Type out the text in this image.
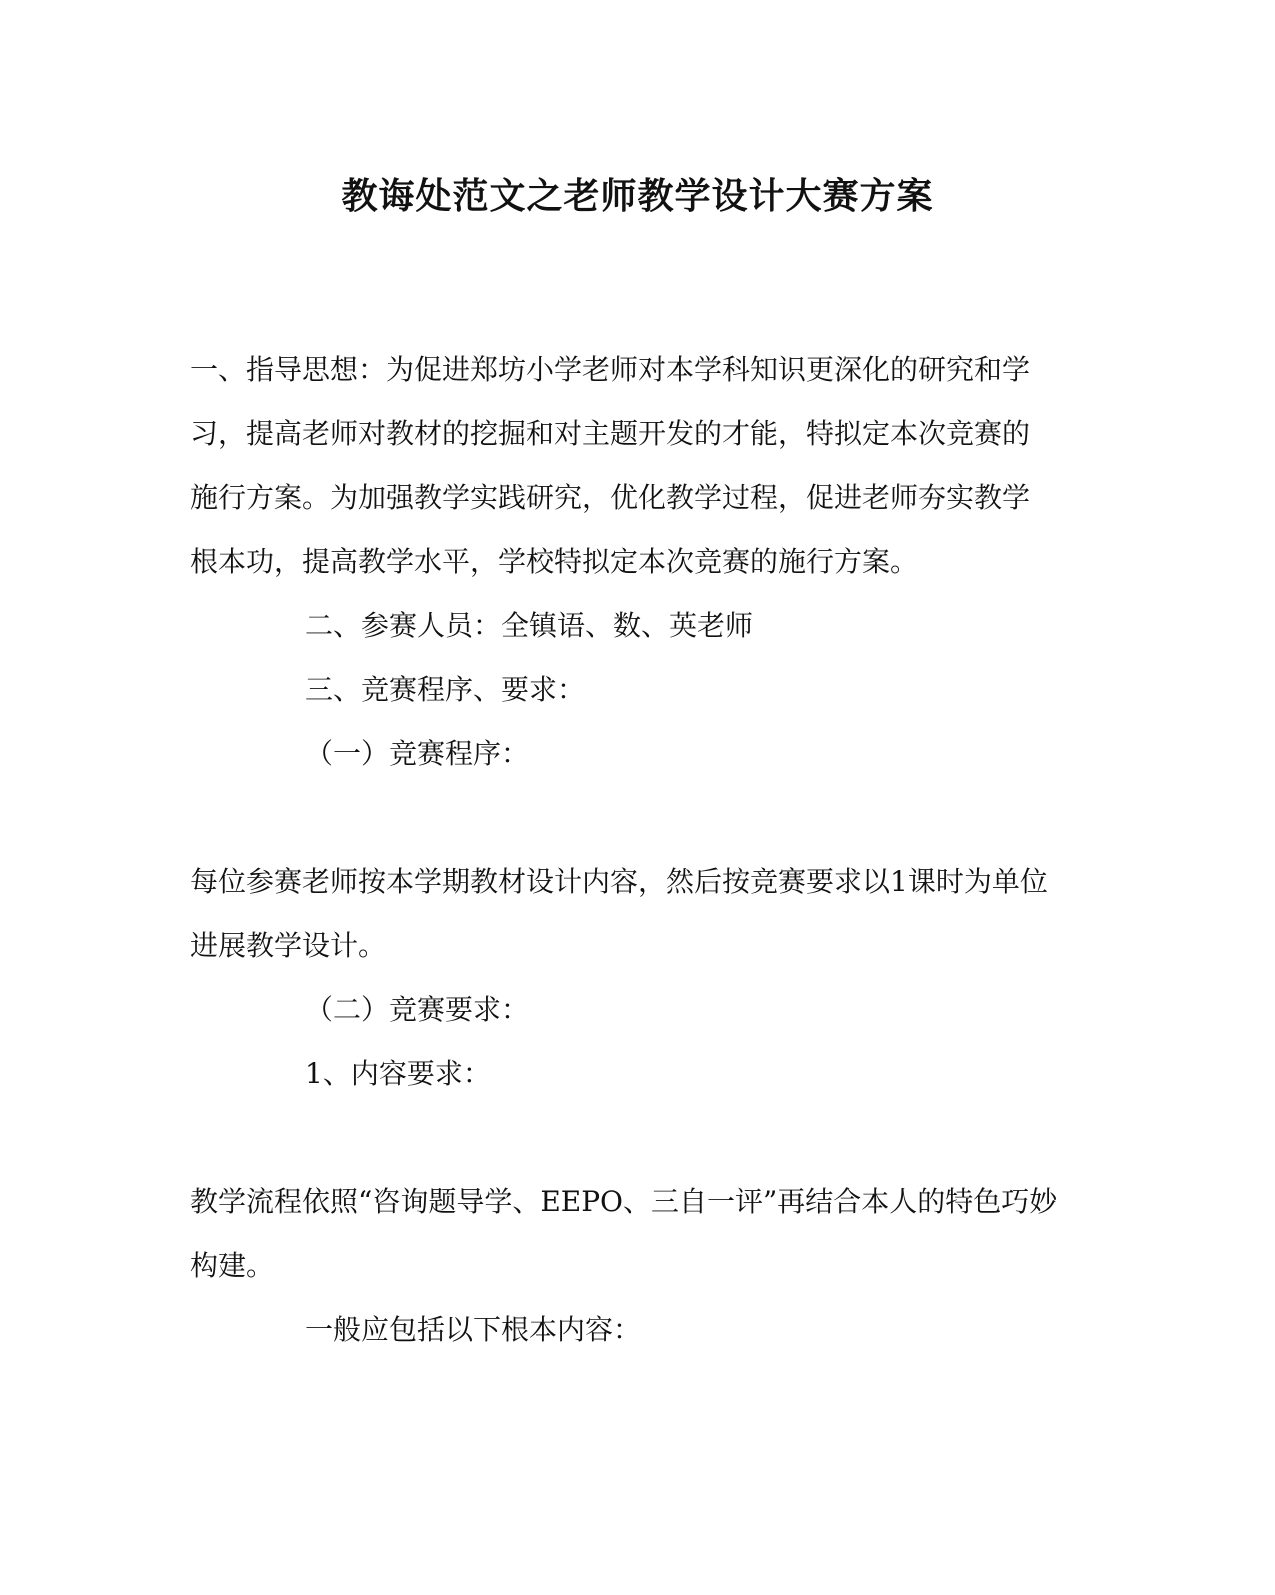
教诲处范文之老师教学设计大赛方案
一、指导思想：为促进郑坊小学老师对本学科知识更深化的研究和学
习，提高老师对教材的挖掘和对主题开发的才能，特拟定本次竞赛的
施行方案。为加强教学实践研究，优化教学过程，促进老师夯实教学
根本功，提高教学水平，学校特拟定本次竞赛的施行方案。
二、参赛人员：全镇语、数、英老师
三、竞赛程序、要求：
（一）竞赛程序：
每位参赛老师按本学期教材设计内容，然后按竞赛要求以1课时为单位
进展教学设计。
（二）竞赛要求：
1、内容要求：
教学流程依照“咨询题导学、EEPO、三自一评”再结合本人的特色巧妙
构建。
一般应包括以下根本内容：
